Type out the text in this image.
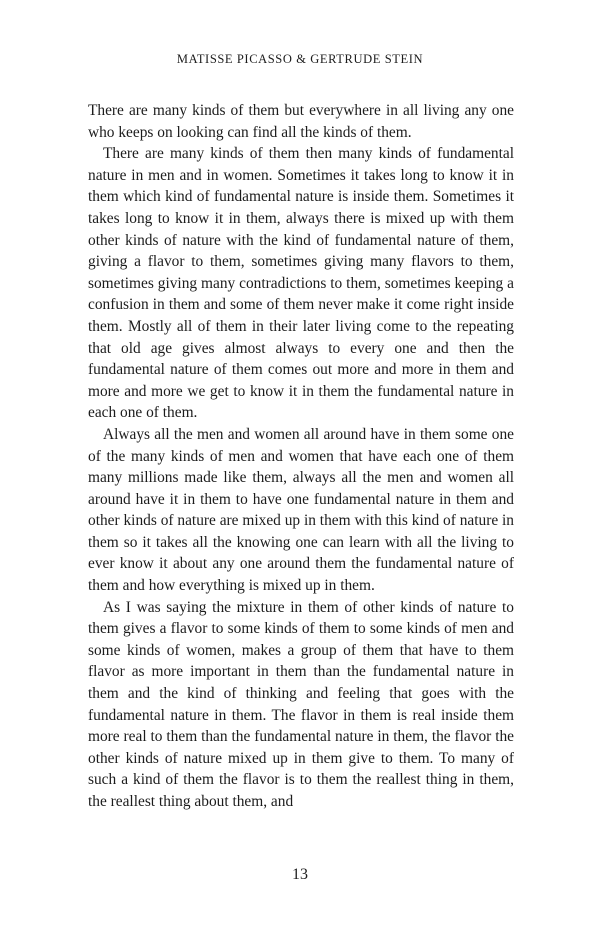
MATISSE PICASSO & GERTRUDE STEIN

There are many kinds of them but everywhere in all living any one who keeps on looking can find all the kinds of them.

There are many kinds of them then many kinds of fundamental nature in men and in women. Sometimes it takes long to know it in them which kind of fundamental nature is inside them. Sometimes it takes long to know it in them, always there is mixed up with them other kinds of nature with the kind of fundamental nature of them, giving a flavor to them, sometimes giving many flavors to them, sometimes giving many contradictions to them, sometimes keeping a confusion in them and some of them never make it come right inside them. Mostly all of them in their later living come to the repeating that old age gives almost always to every one and then the fundamental nature of them comes out more and more in them and more and more we get to know it in them the fundamental nature in each one of them.

Always all the men and women all around have in them some one of the many kinds of men and women that have each one of them many millions made like them, always all the men and women all around have it in them to have one fundamental nature in them and other kinds of nature are mixed up in them with this kind of nature in them so it takes all the knowing one can learn with all the living to ever know it about any one around them the fundamental nature of them and how everything is mixed up in them.

As I was saying the mixture in them of other kinds of nature to them gives a flavor to some kinds of them to some kinds of men and some kinds of women, makes a group of them that have to them flavor as more important in them than the fundamental nature in them and the kind of thinking and feeling that goes with the fundamental nature in them. The flavor in them is real inside them more real to them than the fundamental nature in them, the flavor the other kinds of nature mixed up in them give to them. To many of such a kind of them the flavor is to them the reallest thing in them, the reallest thing about them, and

13
